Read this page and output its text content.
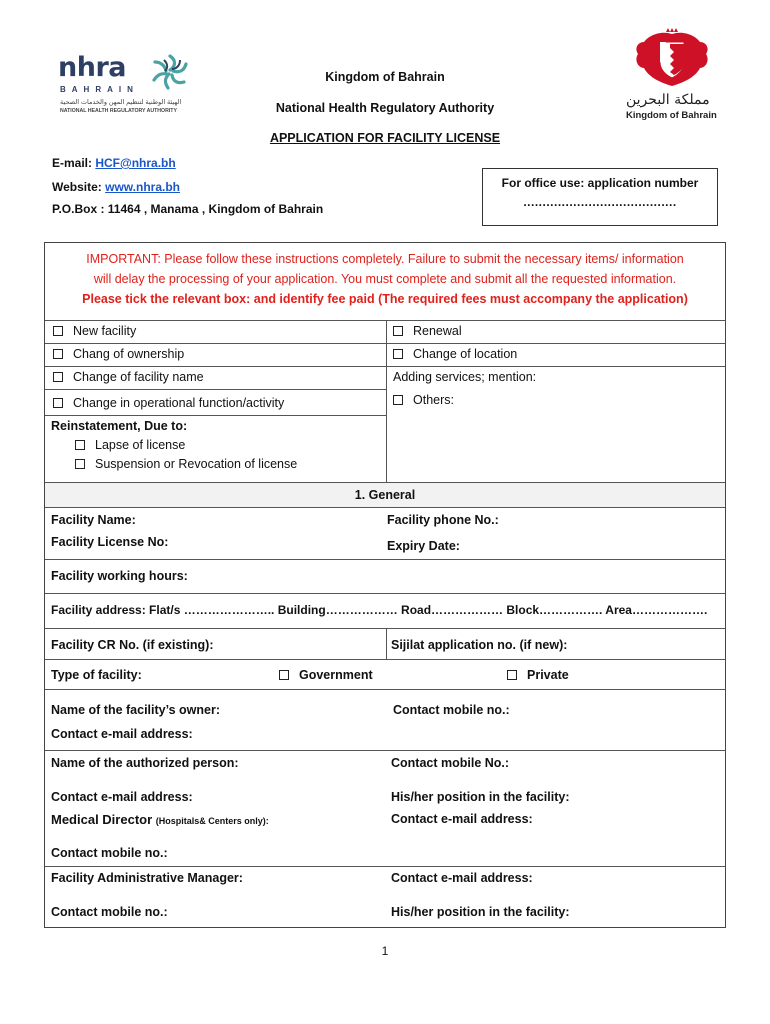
nhra
BAHRAIN
الهيئة الوطنية لتنظيم المهن والخدمات الصحية
NATIONAL HEALTH REGULATORY AUTHORITY
مملكة البحرين
Kingdom of Bahrain
Kingdom of Bahrain
National Health Regulatory Authority
APPLICATION FOR FACILITY LICENSE
E-mail: HCF@nhra.bh
Website: www.nhra.bh
P.O.Box : 11464 , Manama , Kingdom of Bahrain
For office use: application number
........................................
IMPORTANT: Please follow these instructions completely. Failure to submit the necessary items/ information
will delay the processing of your application. You must complete and submit all the requested information.
Please tick the relevant box: and identify fee paid (The required fees must accompany the application)
New facility	Renewal
Chang of ownership	Change of location
Change of facility name	Adding services; mention:
Change in operational function/activity	Others:
Reinstatement, Due to:
Lapse of license
Suspension or Revocation of license
1. General
Facility Name:	Facility phone No.:
Facility License No:	Expiry Date:
Facility working hours:
Facility address: Flat/s ………………….. Building……………… Road……………… Block……………. Area……………….
Facility CR No. (if existing):	Sijilat application no. (if new):
Type of facility:	Government	Private
Name of the facility’s owner:	Contact mobile no.:
Contact e-mail address:
Name of the authorized person:	Contact mobile No.:
Contact e-mail address:	His/her position in the facility:
Medical Director (Hospitals& Centers only):	Contact e-mail address:
Contact mobile no.:
Facility Administrative Manager:	Contact e-mail address:
Contact mobile no.:	His/her position in the facility:
1
